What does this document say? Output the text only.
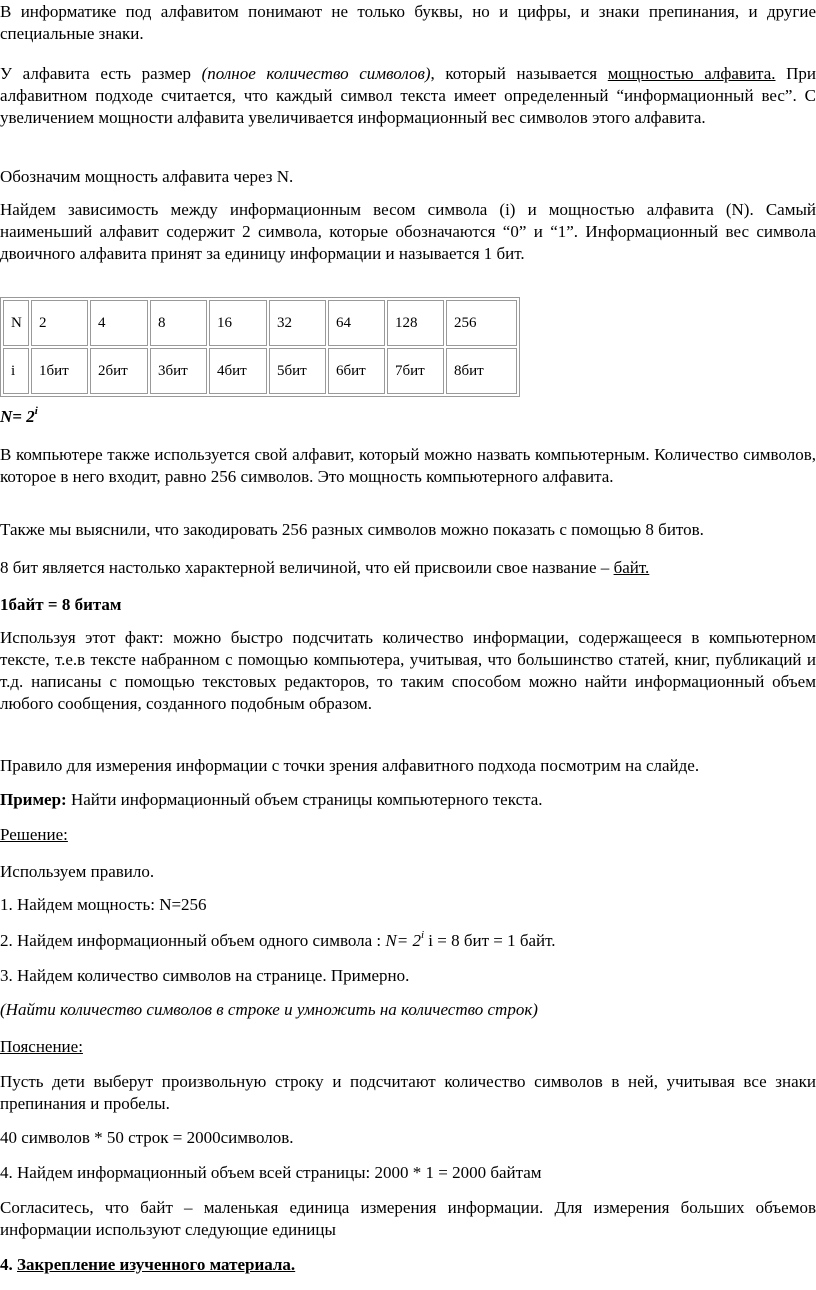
В информатике под алфавитом понимают не только буквы, но и цифры, и знаки препинания, и другие специальные знаки.

У алфавита есть размер (полное количество символов), который называется мощностью алфавита. При алфавитном подходе считается, что каждый символ текста имеет определенный “информационный вес”. С увеличением мощности алфавита увеличивается информационный вес символов этого алфавита.

Обозначим мощность алфавита через N.

Найдем зависимость между информационным весом символа (i) и мощностью алфавита (N). Самый наименьший алфавит содержит 2 символа, которые обозначаются “0” и “1”. Информационный вес символа двоичного алфавита принят за единицу информации и называется 1 бит.

N	2	4	8	16	32	64	128	256
i	1бит	2бит	3бит	4бит	5бит	6бит	7бит	8бит

$N= 2^i$

В компьютере также используется свой алфавит, который можно назвать компьютерным. Количество символов, которое в него входит, равно 256 символов. Это мощность компьютерного алфавита.

Также мы выяснили, что закодировать 256 разных символов можно показать с помощью 8 битов.

8 бит является настолько характерной величиной, что ей присвоили свое название – байт.

1байт = 8 битам

Используя этот факт: можно быстро подсчитать количество информации, содержащееся в компьютерном тексте, т.е.в тексте набранном с помощью компьютера, учитывая, что большинство статей, книг, публикаций и т.д. написаны с помощью текстовых редакторов, то таким способом можно найти информационный объем любого сообщения, созданного подобным образом.

Правило для измерения информации с точки зрения алфавитного подхода посмотрим на слайде.

Пример: Найти информационный объем страницы компьютерного текста.

Решение:

Используем правило.

1. Найдем мощность: N=256

2. Найдем информационный объем одного символа : $N= 2^i$ i = 8 бит = 1 байт.

3. Найдем количество символов на странице. Примерно.

(Найти количество символов в строке и умножить на количество строк)

Пояснение:

Пусть дети выберут произвольную строку и подсчитают количество символов в ней, учитывая все знаки препинания и пробелы.

40 символов * 50 строк = 2000символов.

4. Найдем информационный объем всей страницы: 2000 * 1 = 2000 байтам

Согласитесь, что байт – маленькая единица измерения информации. Для измерения больших объемов информации используют следующие единицы

4. Закрепление изученного материала.
